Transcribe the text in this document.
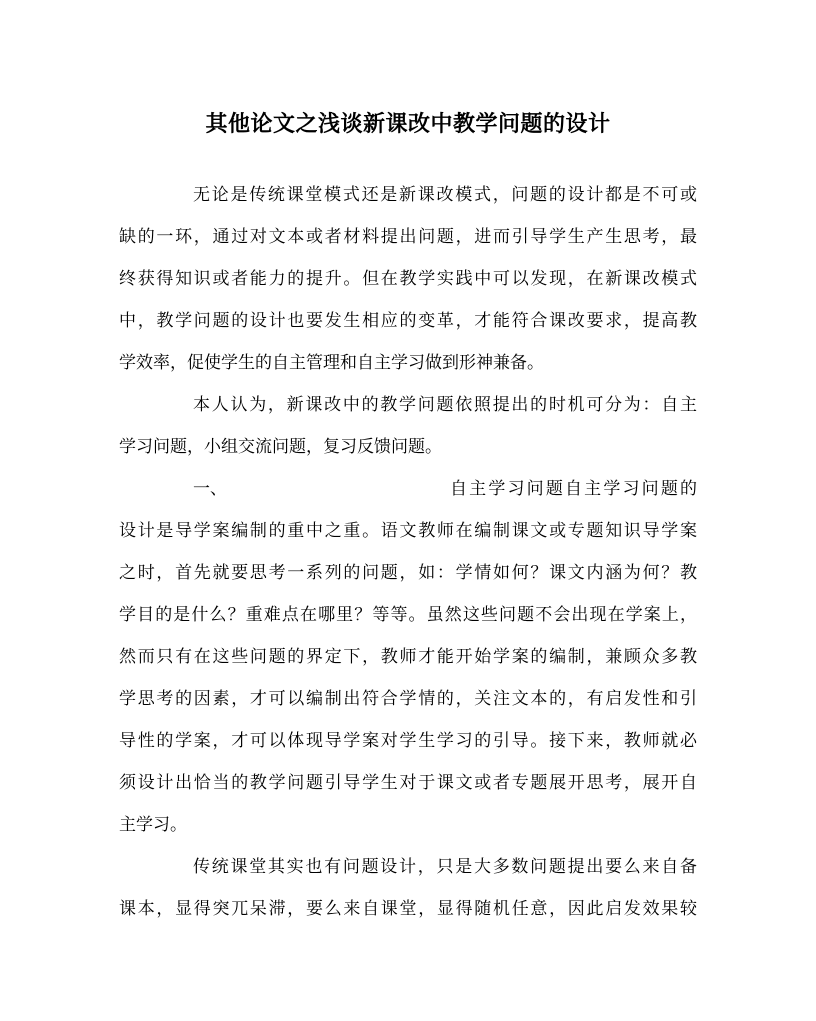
其他论文之浅谈新课改中教学问题的设计
无论是传统课堂模式还是新课改模式，问题的设计都是不可或
缺的一环，通过对文本或者材料提出问题，进而引导学生产生思考，最
终获得知识或者能力的提升。但在教学实践中可以发现，在新课改模式
中，教学问题的设计也要发生相应的变革，才能符合课改要求，提高教
学效率，促使学生的自主管理和自主学习做到形神兼备。
本人认为，新课改中的教学问题依照提出的时机可分为：自主
学习问题，小组交流问题，复习反馈问题。
一、	自主学习问题自主学习问题的
设计是导学案编制的重中之重。语文教师在编制课文或专题知识导学案
之时，首先就要思考一系列的问题，如：学情如何？课文内涵为何？教
学目的是什么？重难点在哪里？等等。虽然这些问题不会出现在学案上，
然而只有在这些问题的界定下，教师才能开始学案的编制，兼顾众多教
学思考的因素，才可以编制出符合学情的，关注文本的，有启发性和引
导性的学案，才可以体现导学案对学生学习的引导。接下来，教师就必
须设计出恰当的教学问题引导学生对于课文或者专题展开思考，展开自
主学习。
传统课堂其实也有问题设计，只是大多数问题提出要么来自备
课本，显得突兀呆滞，要么来自课堂，显得随机任意，因此启发效果较
